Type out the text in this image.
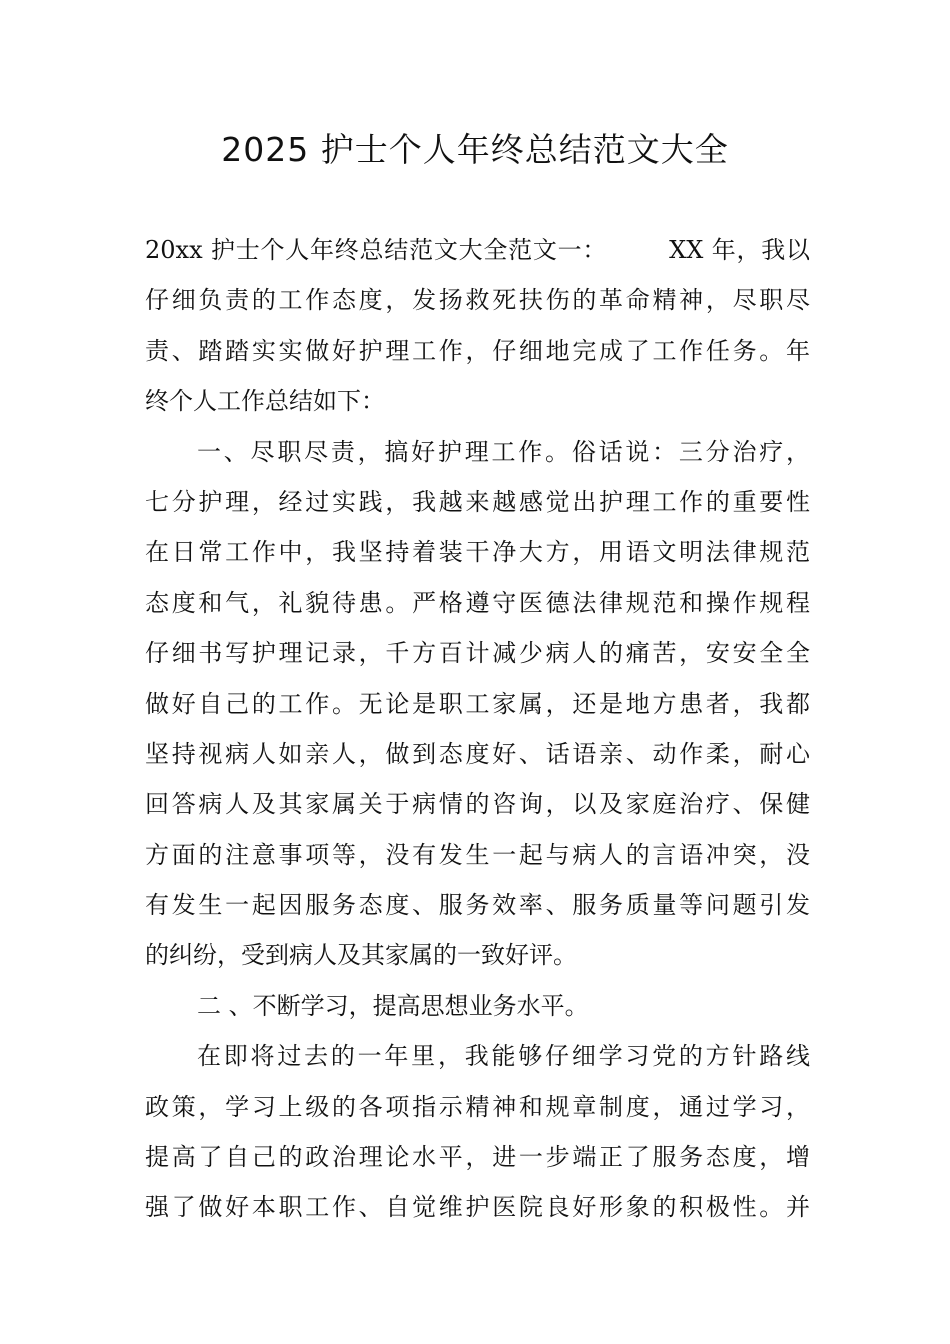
2025 护士个人年终总结范文大全
20xx 护士个人年终总结范文大全范文一：	XX 年，我以
仔细负责的工作态度，发扬救死扶伤的革命精神，尽职尽
责、踏踏实实做好护理工作，仔细地完成了工作任务。年
终个人工作总结如下：
一、尽职尽责，搞好护理工作。俗话说：三分治疗，
七分护理，经过实践，我越来越感觉出护理工作的重要性
在日常工作中，我坚持着装干净大方，用语文明法律规范
态度和气，礼貌待患。严格遵守医德法律规范和操作规程
仔细书写护理记录，千方百计减少病人的痛苦，安安全全
做好自己的工作。无论是职工家属，还是地方患者，我都
坚持视病人如亲人，做到态度好、话语亲、动作柔，耐心
回答病人及其家属关于病情的咨询，以及家庭治疗、保健
方面的注意事项等，没有发生一起与病人的言语冲突，没
有发生一起因服务态度、服务效率、服务质量等问题引发
的纠纷，受到病人及其家属的一致好评。
二 、不断学习，提高思想业务水平。
在即将过去的一年里，我能够仔细学习党的方针路线
政策，学习上级的各项指示精神和规章制度，通过学习，
提高了自己的政治理论水平，进一步端正了服务态度，增
强了做好本职工作、自觉维护医院良好形象的积极性。并
